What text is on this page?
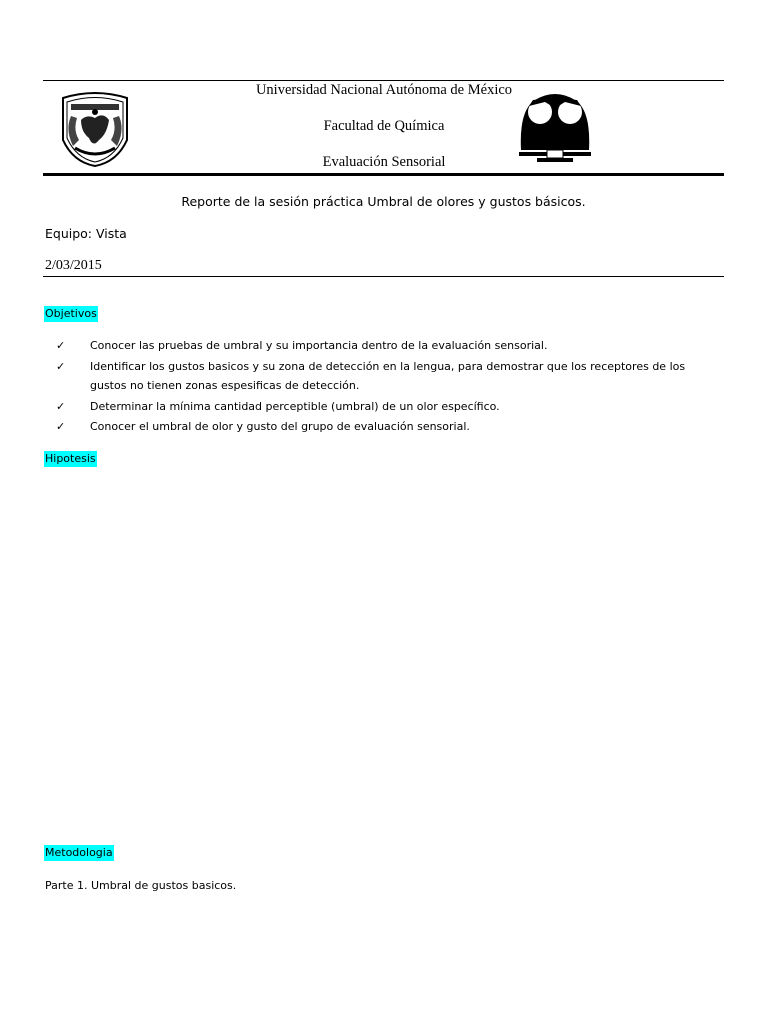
Universidad Nacional Autónoma de México
Facultad de Química
Evaluación Sensorial
Reporte de la sesión práctica Umbral de olores y gustos básicos.
Equipo: Vista
2/03/2015
Objetivos
✓ Conocer las pruebas de umbral y su importancia dentro de la evaluación sensorial.
✓ Identificar los gustos basicos y su zona de detección en la lengua, para demostrar que los receptores de los gustos no tienen zonas espesificas de detección.
✓ Determinar la mínima cantidad perceptible (umbral) de un olor específico.
✓ Conocer el umbral de olor y gusto del grupo de evaluación sensorial.
Hipotesis
Metodologia
Parte 1. Umbral de gustos basicos.
